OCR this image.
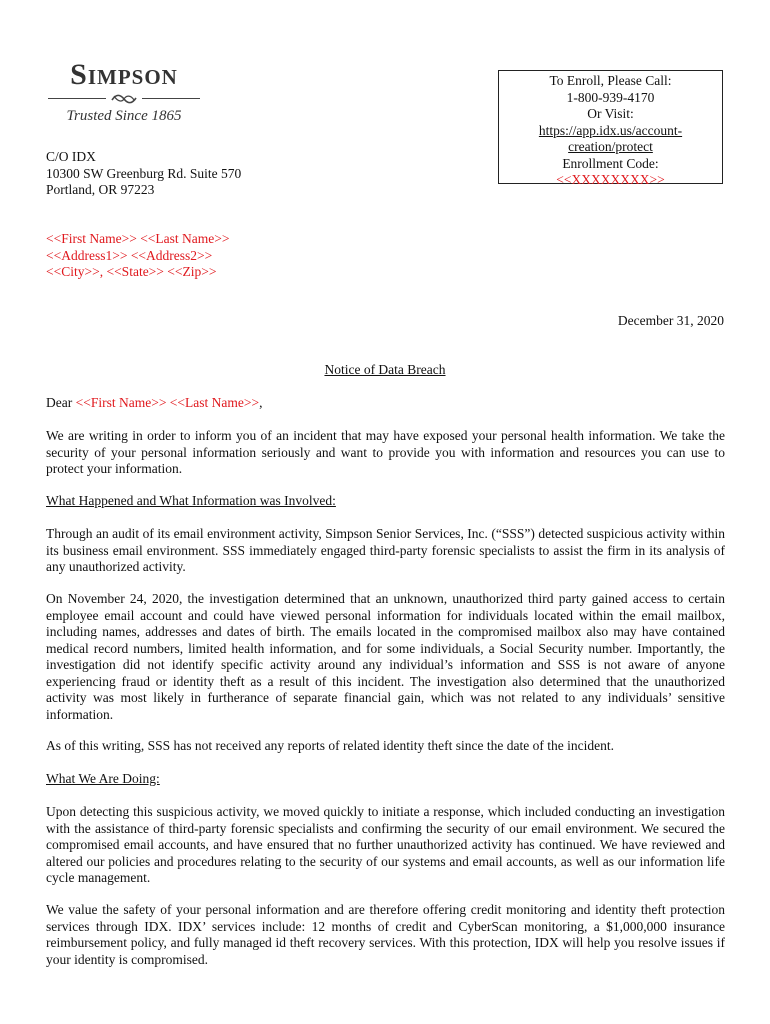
Simpson
Trusted Since 1865
C/O IDX
10300 SW Greenburg Rd. Suite 570
Portland, OR 97223
To Enroll, Please Call:
1-800-939-4170
Or Visit:
https://app.idx.us/account-
creation/protect
Enrollment Code:
<<XXXXXXXX>>
<<First Name>> <<Last Name>>
<<Address1>> <<Address2>>
<<City>>, <<State>> <<Zip>>
December 31, 2020
Notice of Data Breach
Dear <<First Name>> <<Last Name>>,

We are writing in order to inform you of an incident that may have exposed your personal health information. We take the security of your personal information seriously and want to provide you with information and resources you can use to protect your information.

What Happened and What Information was Involved:

Through an audit of its email environment activity, Simpson Senior Services, Inc. (“SSS”) detected suspicious activity within its business email environment. SSS immediately engaged third-party forensic specialists to assist the firm in its analysis of any unauthorized activity.

On November 24, 2020, the investigation determined that an unknown, unauthorized third party gained access to certain employee email account and could have viewed personal information for individuals located within the email mailbox, including names, addresses and dates of birth. The emails located in the compromised mailbox also may have contained medical record numbers, limited health information, and for some individuals, a Social Security number. Importantly, the investigation did not identify specific activity around any individual’s information and SSS is not aware of anyone experiencing fraud or identity theft as a result of this incident. The investigation also determined that the unauthorized activity was most likely in furtherance of separate financial gain, which was not related to any individuals’ sensitive information.

As of this writing, SSS has not received any reports of related identity theft since the date of the incident.

What We Are Doing:

Upon detecting this suspicious activity, we moved quickly to initiate a response, which included conducting an investigation with the assistance of third-party forensic specialists and confirming the security of our email environment. We secured the compromised email accounts, and have ensured that no further unauthorized activity has continued. We have reviewed and altered our policies and procedures relating to the security of our systems and email accounts, as well as our information life cycle management.

We value the safety of your personal information and are therefore offering credit monitoring and identity theft protection services through IDX. IDX’ services include: 12 months of credit and CyberScan monitoring, a $1,000,000 insurance reimbursement policy, and fully managed id theft recovery services. With this protection, IDX will help you resolve issues if your identity is compromised.
